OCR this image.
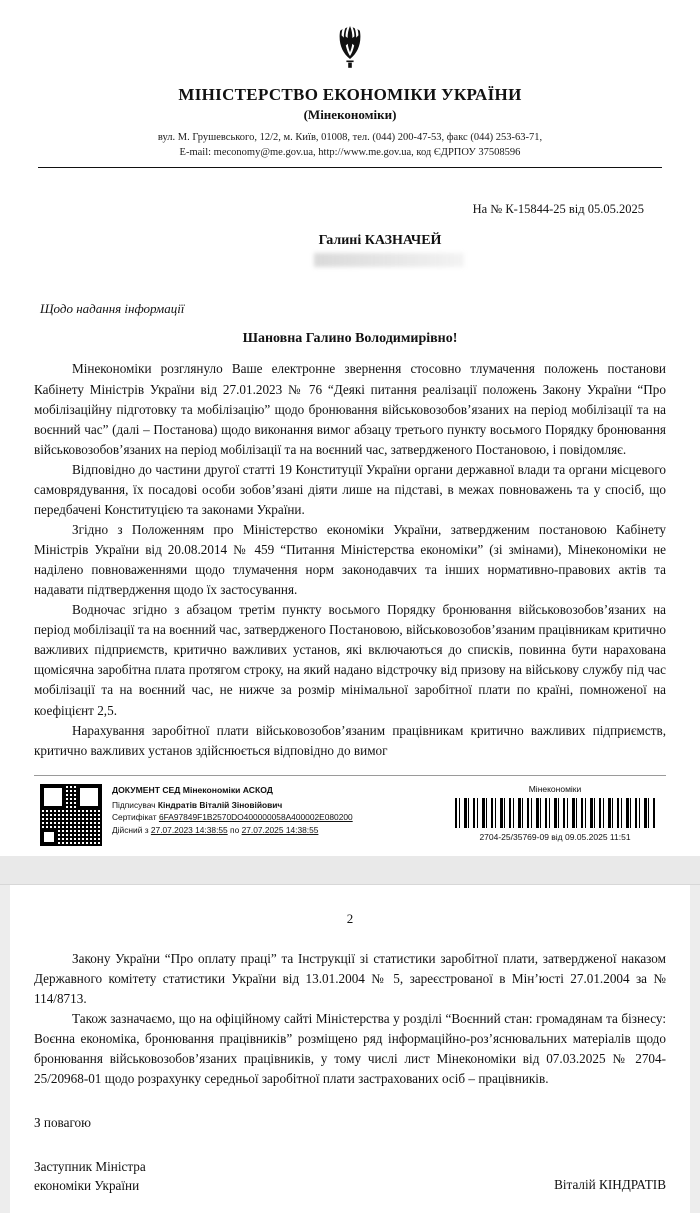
МІНІСТЕРСТВО ЕКОНОМІКИ УКРАЇНИ
(Мінекономіки)
вул. М. Грушевського, 12/2, м. Київ, 01008, тел. (044) 200-47-53, факс (044) 253-63-71,
E-mail: meconomy@me.gov.ua, http://www.me.gov.ua, код ЄДРПОУ 37508596
На № К-15844-25 від 05.05.2025
Галині КАЗНАЧЕЙ
Щодо надання інформації
Шановна Галино Володимирівно!

Мінекономіки розглянуло Ваше електронне звернення стосовно тлумачення положень постанови Кабінету Міністрів України від 27.01.2023 № 76 “Деякі питання реалізації положень Закону України “Про мобілізаційну підготовку та мобілізацію” щодо бронювання військовозобов’язаних на період мобілізації та на воєнний час” (далі – Постанова) щодо виконання вимог абзацу третього пункту восьмого Порядку бронювання військовозобов’язаних на період мобілізації та на воєнний час, затвердженого Постановою, і повідомляє.

Відповідно до частини другої статті 19 Конституції України органи державної влади та органи місцевого самоврядування, їх посадові особи зобов’язані діяти лише на підставі, в межах повноважень та у спосіб, що передбачені Конституцією та законами України.

Згідно з Положенням про Міністерство економіки України, затвердженим постановою Кабінету Міністрів України від 20.08.2014 № 459 “Питання Міністерства економіки” (зі змінами), Мінекономіки не наділено повноваженнями щодо тлумачення норм законодавчих та інших нормативно-правових актів та надавати підтвердження щодо їх застосування.

Водночас згідно з абзацом третім пункту восьмого Порядку бронювання військовозобов’язаних на період мобілізації та на воєнний час, затвердженого Постановою, військовозобов’язаним працівникам критично важливих підприємств, критично важливих установ, які включаються до списків, повинна бути нарахована щомісячна заробітна плата протягом строку, на який надано відстрочку від призову на військову службу під час мобілізації та на воєнний час, не нижче за розмір мінімальної заробітної плати по країні, помноженої на коефіцієнт 2,5.

Нарахування заробітної плати військовозобов’язаним працівникам критично важливих підприємств, критично важливих установ здійснюється відповідно до вимог

ДОКУМЕНТ СЕД Мінекономіки АСКОД
Підписувач Кіндратів Віталій Зіновійович
Сертифікат 6FA97849F1B2570DO400000058A400002E080200
Дійсний з 27.07.2023 14:38:55 по 27.07.2025 14:38:55
Мінекономіки
2704-25/35769-09 від 09.05.2025 11:51
2

Закону України “Про оплату праці” та Інструкції зі статистики заробітної плати, затвердженої наказом Державного комітету статистики України від 13.01.2004 № 5, зареєстрованої в Мін’юсті 27.01.2004 за № 114/8713.

Також зазначаємо, що на офіційному сайті Міністерства у розділі “Воєнний стан: громадянам та бізнесу: Воєнна економіка, бронювання працівників” розміщено ряд інформаційно-роз’яснювальних матеріалів щодо бронювання військовозобов’язаних працівників, у тому числі лист Мінекономіки від 07.03.2025 № 2704-25/20968-01 щодо розрахунку середньої заробітної плати застрахованих осіб – працівників.

З повагою
Заступник Міністра
економіки України	Віталій КІНДРАТІВ
